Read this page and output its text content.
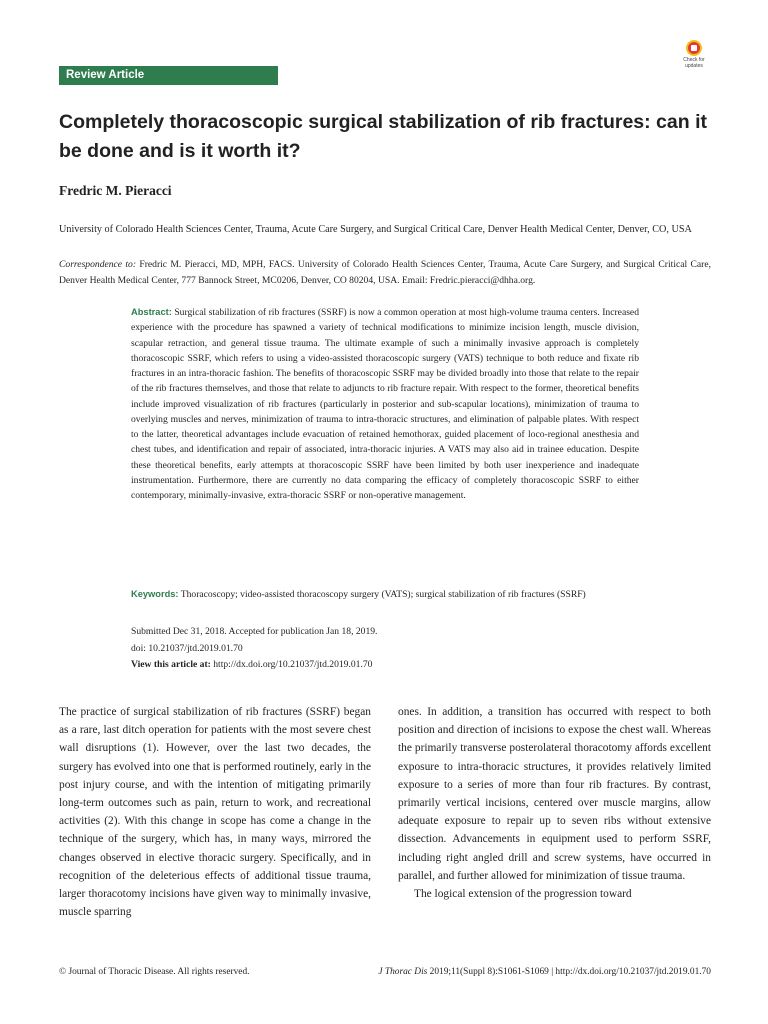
Review Article
Check for updates
Completely thoracoscopic surgical stabilization of rib fractures: can it be done and is it worth it?
Fredric M. Pieracci
University of Colorado Health Sciences Center, Trauma, Acute Care Surgery, and Surgical Critical Care, Denver Health Medical Center, Denver, CO, USA
Correspondence to: Fredric M. Pieracci, MD, MPH, FACS. University of Colorado Health Sciences Center, Trauma, Acute Care Surgery, and Surgical Critical Care, Denver Health Medical Center, 777 Bannock Street, MC0206, Denver, CO 80204, USA. Email: Fredric.pieracci@dhha.org.
Abstract: Surgical stabilization of rib fractures (SSRF) is now a common operation at most high-volume trauma centers. Increased experience with the procedure has spawned a variety of technical modifications to minimize incision length, muscle division, scapular retraction, and general tissue trauma. The ultimate example of such a minimally invasive approach is completely thoracoscopic SSRF, which refers to using a video-assisted thoracoscopic surgery (VATS) technique to both reduce and fixate rib fractures in an intra-thoracic fashion. The benefits of thoracoscopic SSRF may be divided broadly into those that relate to the repair of the rib fractures themselves, and those that relate to adjuncts to rib fracture repair. With respect to the former, theoretical benefits include improved visualization of rib fractures (particularly in posterior and sub-scapular locations), minimization of trauma to overlying muscles and nerves, minimization of trauma to intra-thoracic structures, and elimination of palpable plates. With respect to the latter, theoretical advantages include evacuation of retained hemothorax, guided placement of loco-regional anesthesia and chest tubes, and identification and repair of associated, intra-thoracic injuries. A VATS may also aid in trainee education. Despite these theoretical benefits, early attempts at thoracoscopic SSRF have been limited by both user inexperience and inadequate instrumentation. Furthermore, there are currently no data comparing the efficacy of completely thoracoscopic SSRF to either contemporary, minimally-invasive, extra-thoracic SSRF or non-operative management.
Keywords: Thoracoscopy; video-assisted thoracoscopy surgery (VATS); surgical stabilization of rib fractures (SSRF)
Submitted Dec 31, 2018. Accepted for publication Jan 18, 2019.
doi: 10.21037/jtd.2019.01.70
View this article at: http://dx.doi.org/10.21037/jtd.2019.01.70

The practice of surgical stabilization of rib fractures (SSRF) began as a rare, last ditch operation for patients with the most severe chest wall disruptions (1). However, over the last two decades, the surgery has evolved into one that is performed routinely, early in the post injury course, and with the intention of mitigating primarily long-term outcomes such as pain, return to work, and recreational activities (2). With this change in scope has come a change in the technique of the surgery, which has, in many ways, mirrored the changes observed in elective thoracic surgery. Specifically, and in recognition of the deleterious effects of additional tissue trauma, larger thoracotomy incisions have given way to minimally invasive, muscle sparring

ones. In addition, a transition has occurred with respect to both position and direction of incisions to expose the chest wall. Whereas the primarily transverse posterolateral thoracotomy affords excellent exposure to intra-thoracic structures, it provides relatively limited exposure to a series of more than four rib fractures. By contrast, primarily vertical incisions, centered over muscle margins, allow adequate exposure to repair up to seven ribs without extensive dissection. Advancements in equipment used to perform SSRF, including right angled drill and screw systems, have occurred in parallel, and further allowed for minimization of tissue trauma.

The logical extension of the progression toward

© Journal of Thoracic Disease. All rights reserved.	J Thorac Dis 2019;11(Suppl 8):S1061-S1069 | http://dx.doi.org/10.21037/jtd.2019.01.70
